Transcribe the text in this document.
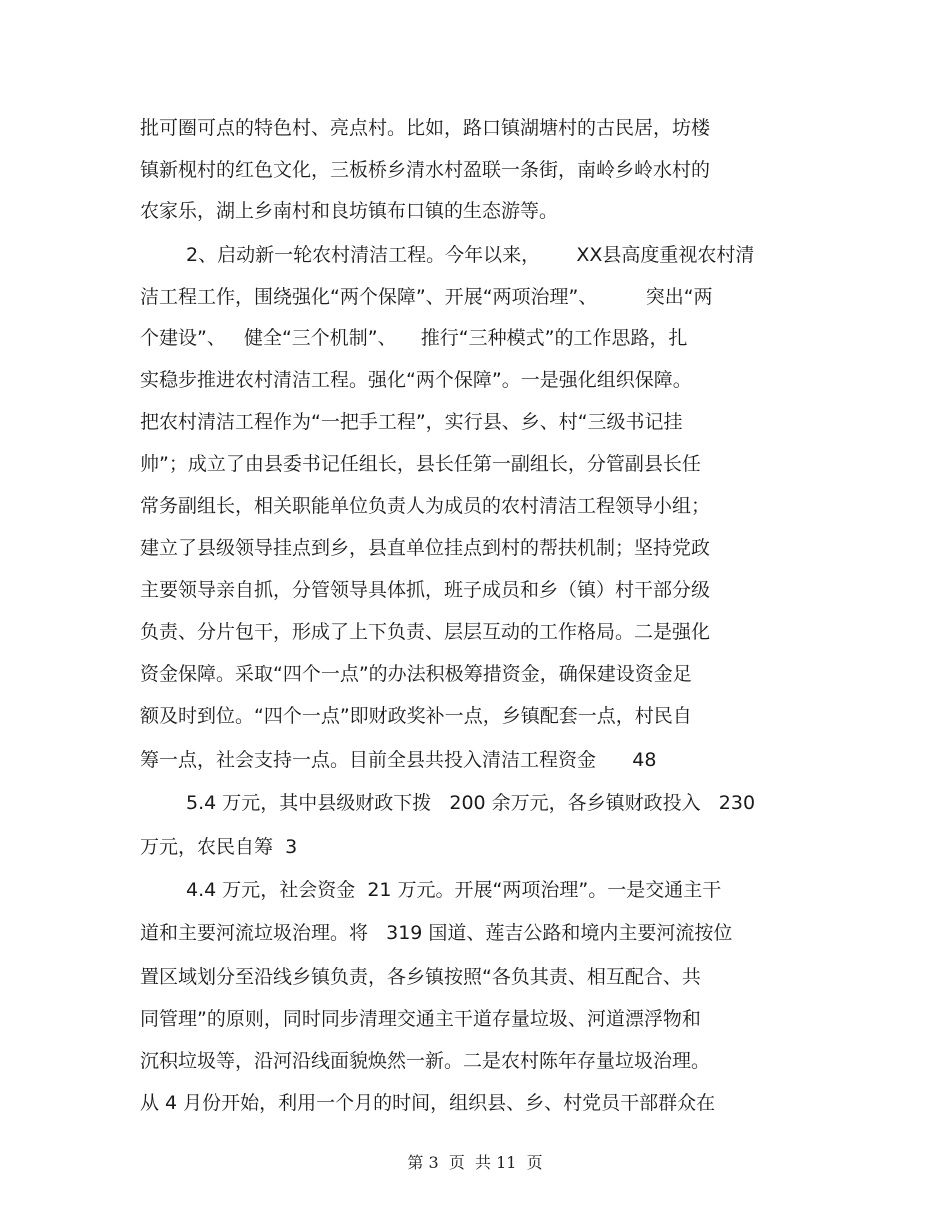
批可圈可点的特色村、亮点村。比如，路口镇湖塘村的古民居，坊楼
镇新枧村的红色文化，三板桥乡清水村盈联一条街，南岭乡岭水村的
农家乐，湖上乡南村和良坊镇布口镇的生态游等。
2、启动新一轮农村清洁工程。今年以来，      XX县高度重视农村清
洁工程工作，围绕强化“两个保障”、开展“两项治理”、        突出“两
个建设”、   健全“三个机制”、    推行“三种模式”的工作思路，扎
实稳步推进农村清洁工程。强化“两个保障”。一是强化组织保障。
把农村清洁工程作为“一把手工程”，实行县、乡、村“三级书记挂
帅”；成立了由县委书记任组长，县长任第一副组长，分管副县长任
常务副组长，相关职能单位负责人为成员的农村清洁工程领导小组；
建立了县级领导挂点到乡，县直单位挂点到村的帮扶机制；坚持党政
主要领导亲自抓，分管领导具体抓，班子成员和乡（镇）村干部分级
负责、分片包干，形成了上下负责、层层互动的工作格局。二是强化
资金保障。采取“四个一点”的办法积极筹措资金，确保建设资金足
额及时到位。“四个一点”即财政奖补一点，乡镇配套一点，村民自
筹一点，社会支持一点。目前全县共投入清洁工程资金      48
5.4 万元，其中县级财政下拨   200 余万元，各乡镇财政投入   230
万元，农民自筹  3
4.4 万元，社会资金  21 万元。开展“两项治理”。一是交通主干
道和主要河流垃圾治理。将   319 国道、莲吉公路和境内主要河流按位
置区域划分至沿线乡镇负责，各乡镇按照“各负其责、相互配合、共
同管理”的原则，同时同步清理交通主干道存量垃圾、河道漂浮物和
沉积垃圾等，沿河沿线面貌焕然一新。二是农村陈年存量垃圾治理。
从 4 月份开始，利用一个月的时间，组织县、乡、村党员干部群众在
第 3  页  共 11  页
